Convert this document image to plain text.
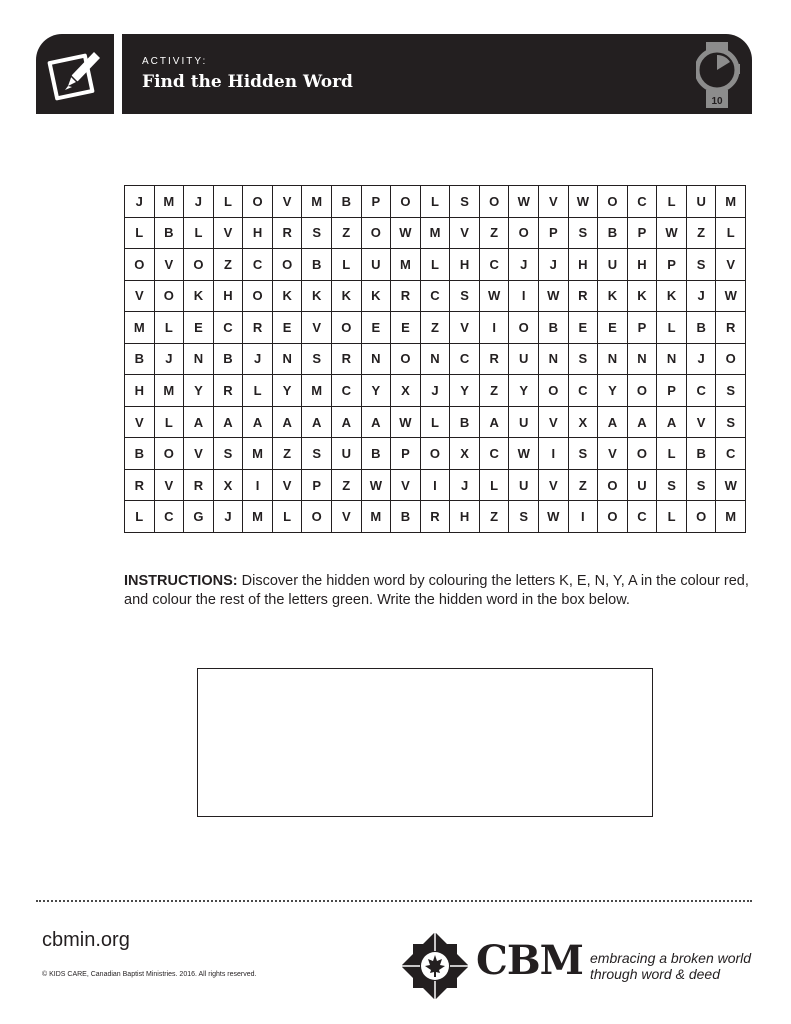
ACTIVITY:
Find the Hidden Word
10
J	M	J	L	O	V	M	B	P	O	L	S	O	W	V	W	O	C	L	U	M
L	B	L	V	H	R	S	Z	O	W	M	V	Z	O	P	S	B	P	W	Z	L
O	V	O	Z	C	O	B	L	U	M	L	H	C	J	J	H	U	H	P	S	V
V	O	K	H	O	K	K	K	K	R	C	S	W	I	W	R	K	K	K	J	W
M	L	E	C	R	E	V	O	E	E	Z	V	I	O	B	E	E	P	L	B	R
B	J	N	B	J	N	S	R	N	O	N	C	R	U	N	S	N	N	N	J	O
H	M	Y	R	L	Y	M	C	Y	X	J	Y	Z	Y	O	C	Y	O	P	C	S
V	L	A	A	A	A	A	A	A	W	L	B	A	U	V	X	A	A	A	V	S
B	O	V	S	M	Z	S	U	B	P	O	X	C	W	I	S	V	O	L	B	C
R	V	R	X	I	V	P	Z	W	V	I	J	L	U	V	Z	O	U	S	S	W
L	C	G	J	M	L	O	V	M	B	R	H	Z	S	W	I	O	C	L	O	M
INSTRUCTIONS: Discover the hidden word by colouring the letters K, E, N, Y, A in the colour red, and colour the rest of the letters green. Write the hidden word in the box below.
cbmin.org
© KIDS CARE, Canadian Baptist Ministries. 2016. All rights reserved.	CBM embracing a broken world
through word & deed
